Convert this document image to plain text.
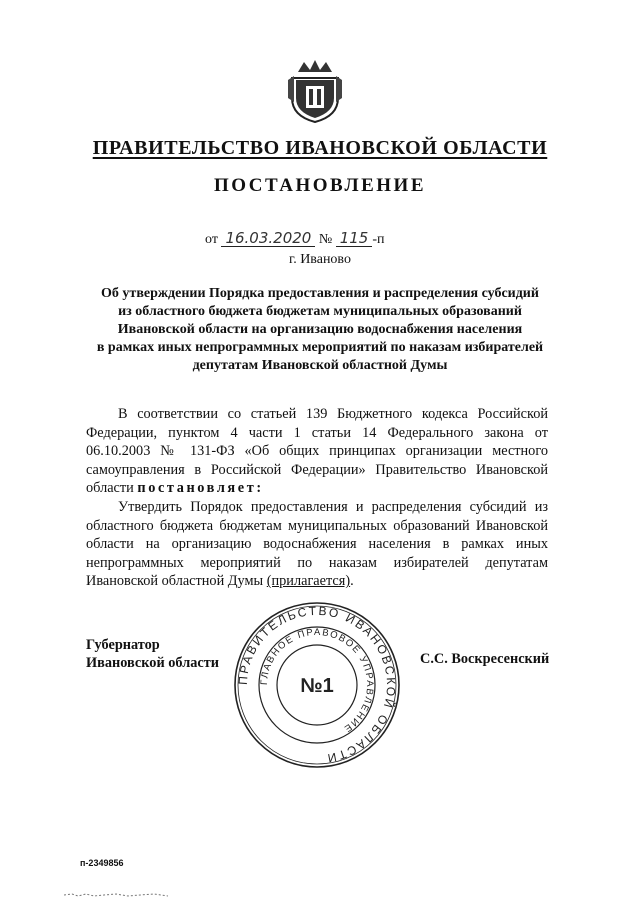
ПРАВИТЕЛЬСТВО ИВАНОВСКОЙ ОБЛАСТИ
ПОСТАНОВЛЕНИЕ
от 16.03.2020 № 115 -п
г. Иваново
Об утверждении Порядка предоставления и распределения субсидий
из областного бюджета бюджетам муниципальных образований
Ивановской области на организацию водоснабжения населения
в рамках иных непрограммных мероприятий по наказам избирателей
депутатам Ивановской областной Думы

В соответствии со статьей 139 Бюджетного кодекса Российской Федерации, пунктом 4 части 1 статьи 14 Федерального закона от 06.10.2003 № 131-ФЗ «Об общих принципах организации местного самоуправления в Российской Федерации» Правительство Ивановской области постановляет:

Утвердить Порядок предоставления и распределения субсидий из областного бюджета бюджетам муниципальных образований Ивановской области на организацию водоснабжения населения в рамках иных непрограммных мероприятий по наказам избирателей депутатам Ивановской областной Думы (прилагается).

Губернатор
Ивановской области
ПРАВИТЕЛЬСТВО ИВАНОВСКОЙ ОБЛАСТИ
ГЛАВНОЕ ПРАВОВОЕ УПРАВЛЕНИЕ
№1
С.С. Воскресенский
п-2349856
